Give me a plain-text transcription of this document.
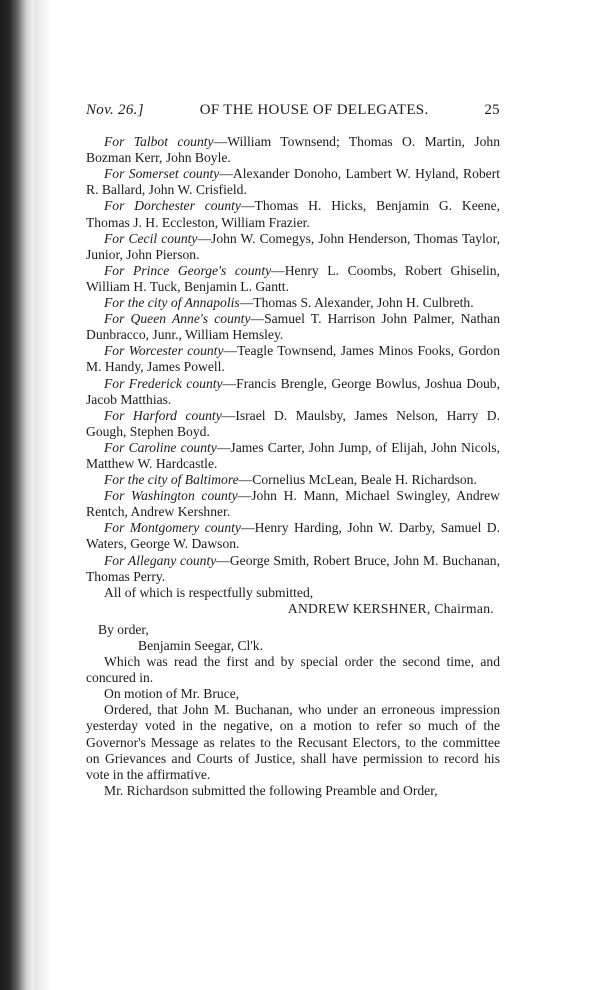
Nov. 26.]	OF THE HOUSE OF DELEGATES.	25

For Talbot county—William Townsend; Thomas O. Martin, John Bozman Kerr, John Boyle.

For Somerset county—Alexander Donoho, Lambert W. Hyland, Robert R. Ballard, John W. Crisfield.

For Dorchester county—Thomas H. Hicks, Benjamin G. Keene, Thomas J. H. Eccleston, William Frazier.

For Cecil county—John W. Comegys, John Henderson, Thomas Taylor, Junior, John Pierson.

For Prince George's county—Henry L. Coombs, Robert Ghiselin, William H. Tuck, Benjamin L. Gantt.

For the city of Annapolis—Thomas S. Alexander, John H. Culbreth.

For Queen Anne's county—Samuel T. Harrison John Palmer, Nathan Dunbracco, Junr., William Hemsley.

For Worcester county—Teagle Townsend, James Minos Fooks, Gordon M. Handy, James Powell.

For Frederick county—Francis Brengle, George Bowlus, Joshua Doub, Jacob Matthias.

For Harford county—Israel D. Maulsby, James Nelson, Harry D. Gough, Stephen Boyd.

For Caroline county—James Carter, John Jump, of Elijah, John Nicols, Matthew W. Hardcastle.

For the city of Baltimore—Cornelius McLean, Beale H. Richardson.

For Washington county—John H. Mann, Michael Swingley, Andrew Rentch, Andrew Kershner.

For Montgomery county—Henry Harding, John W. Darby, Samuel D. Waters, George W. Dawson.

For Allegany county—George Smith, Robert Bruce, John M. Buchanan, Thomas Perry.

All of which is respectfully submitted,

ANDREW KERSHNER, Chairman.

By order,

Benjamin Seegar, Cl'k.

Which was read the first and by special order the second time, and concured in.

On motion of Mr. Bruce,

Ordered, that John M. Buchanan, who under an erroneous impression yesterday voted in the negative, on a motion to refer so much of the Governor's Message as relates to the Recusant Electors, to the committee on Grievances and Courts of Justice, shall have permission to record his vote in the affirmative.

Mr. Richardson submitted the following Preamble and Order,
